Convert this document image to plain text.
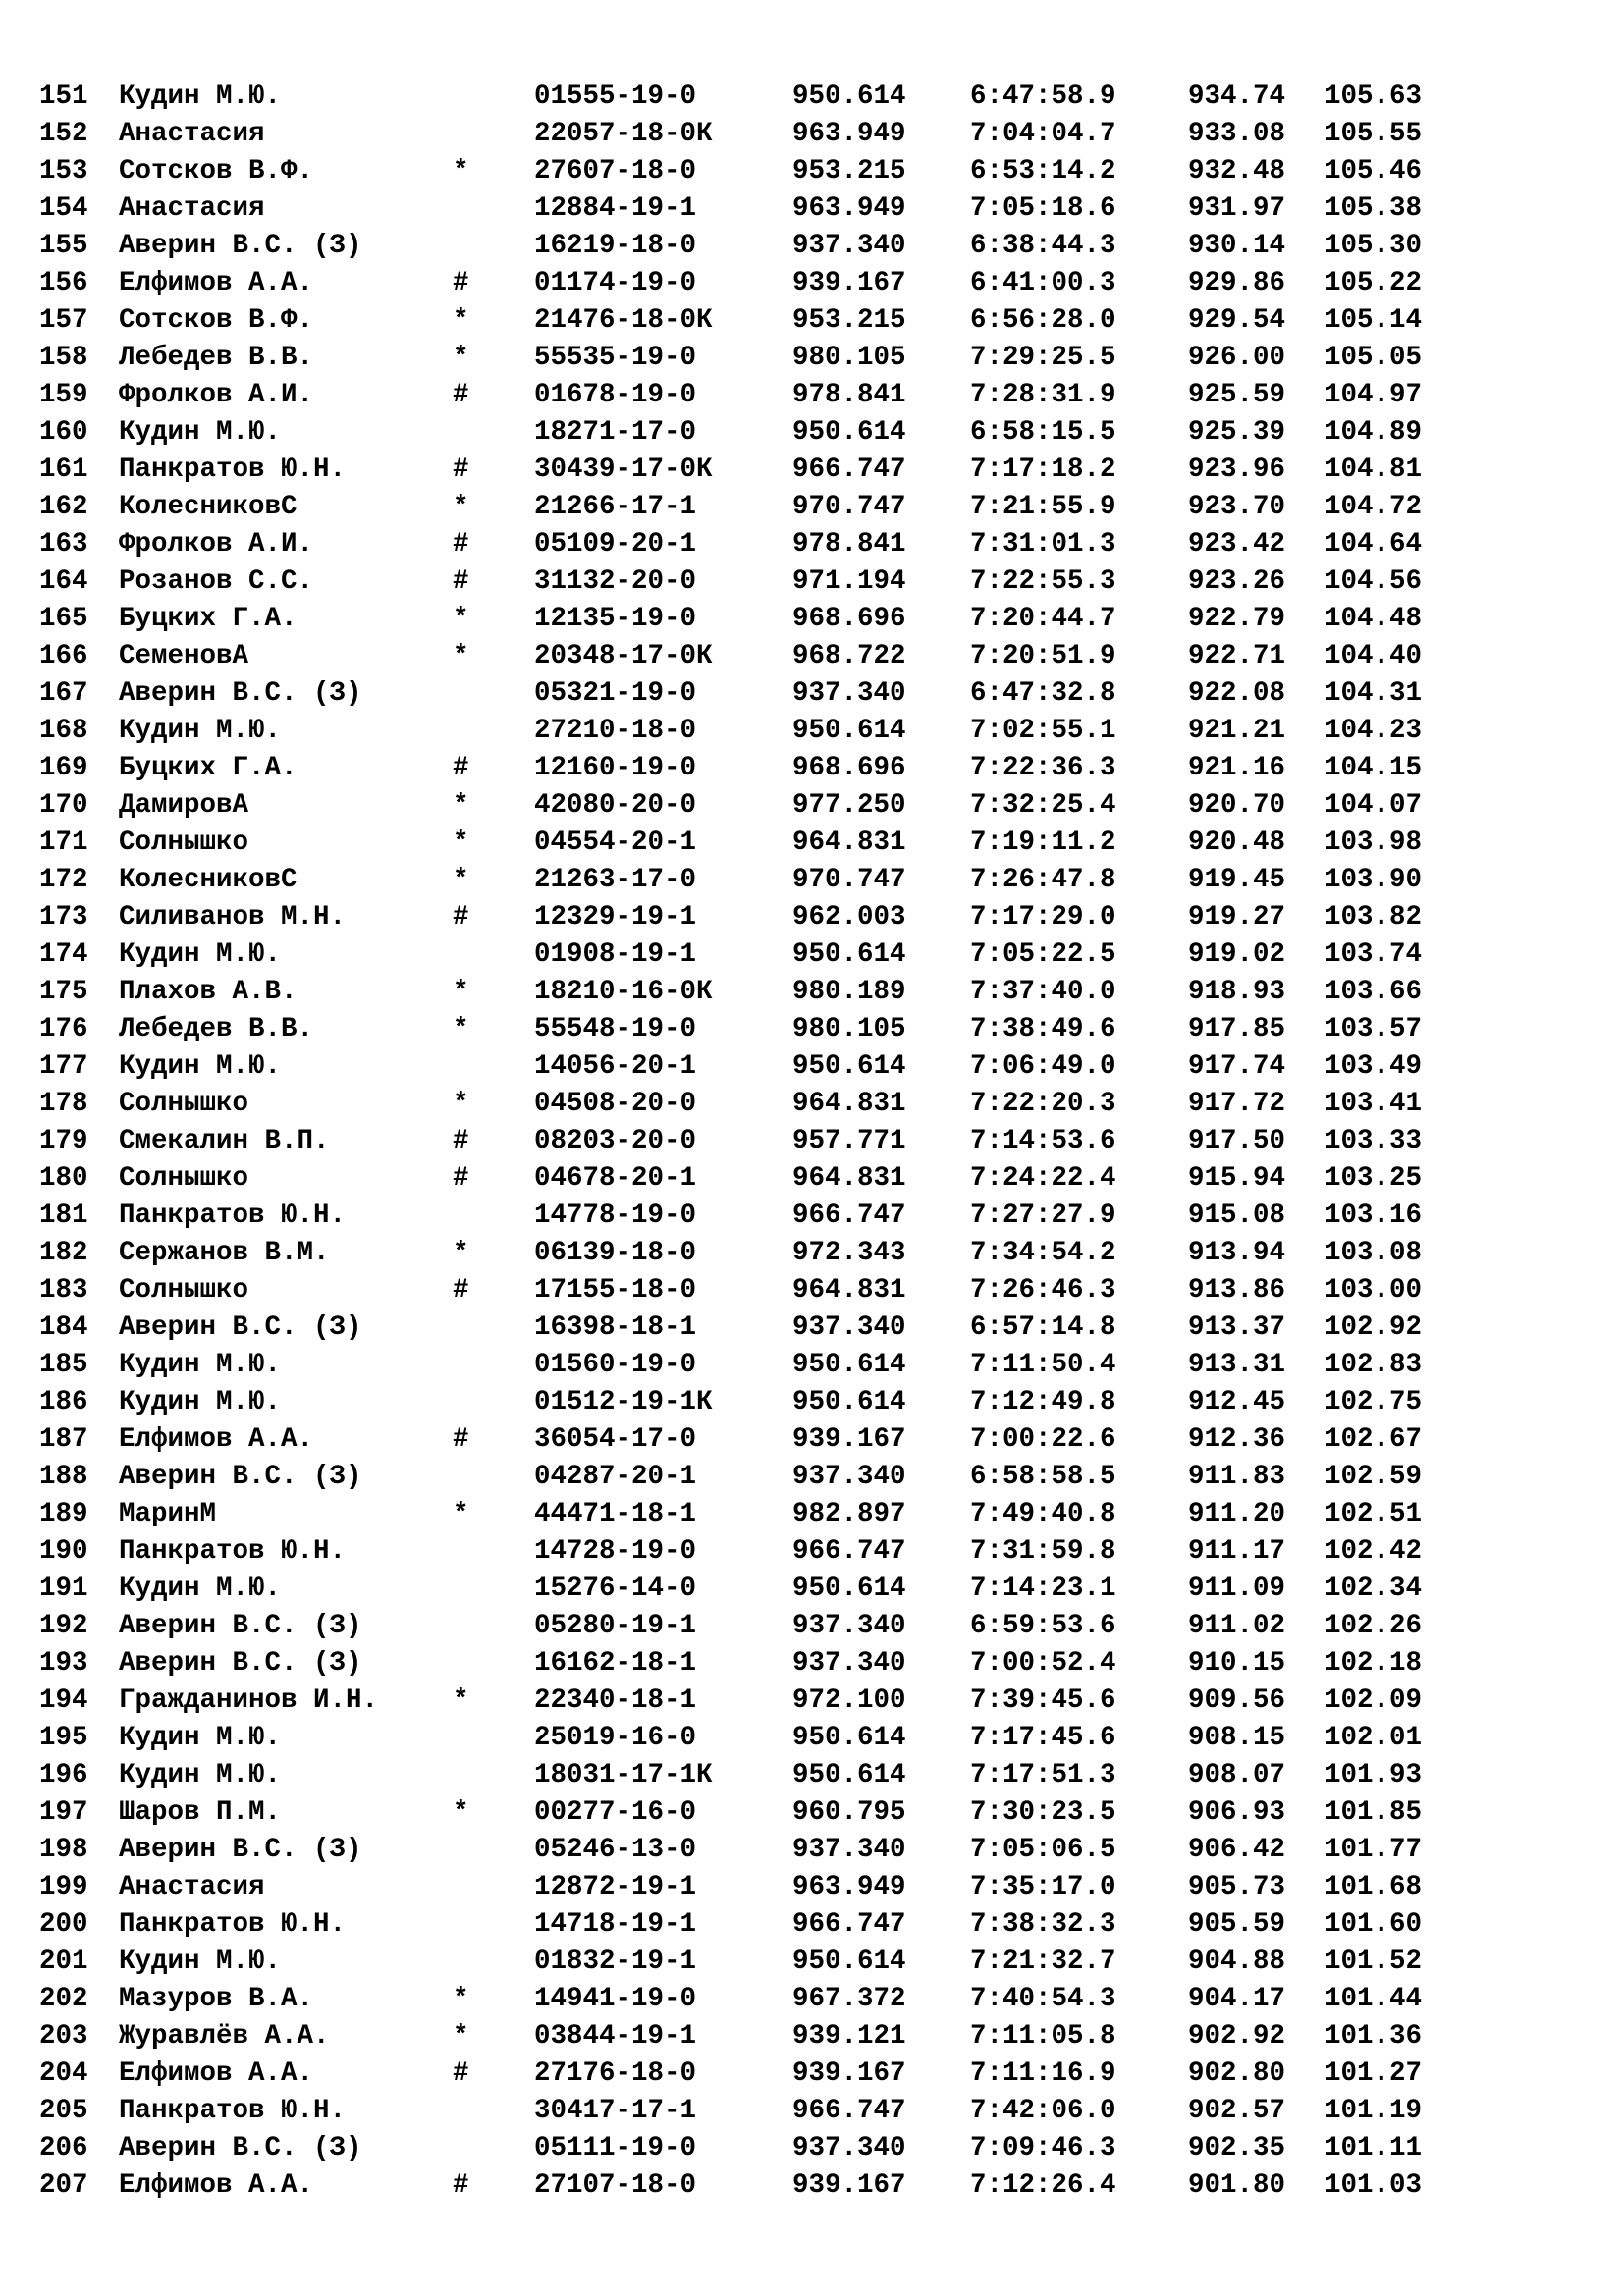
151 Кудин М.Ю.	01555-19-0	950.614 6:47:58.9	934.74 105.63
152 Анастасия	22057-18-0К	963.949 7:04:04.7	933.08 105.55
153 Сотсков В.Ф.	* 27607-18-0	953.215 6:53:14.2	932.48 105.46
154 Анастасия	12884-19-1	963.949 7:05:18.6	931.97 105.38
155 Аверин В.С. (З)	16219-18-0	937.340 6:38:44.3	930.14 105.30
156 Елфимов А.А.	# 01174-19-0	939.167 6:41:00.3	929.86 105.22
157 Сотсков В.Ф.	* 21476-18-0К	953.215 6:56:28.0	929.54 105.14
158 Лебедев В.В.	* 55535-19-0	980.105 7:29:25.5	926.00 105.05
159 Фролков А.И.	# 01678-19-0	978.841 7:28:31.9	925.59 104.97
160 Кудин М.Ю.	18271-17-0	950.614 6:58:15.5	925.39 104.89
161 Панкратов Ю.Н.	# 30439-17-0К	966.747 7:17:18.2	923.96 104.81
162 КолесниковС	* 21266-17-1	970.747 7:21:55.9	923.70 104.72
163 Фролков А.И.	# 05109-20-1	978.841 7:31:01.3	923.42 104.64
164 Розанов С.С.	# 31132-20-0	971.194 7:22:55.3	923.26 104.56
165 Буцких Г.А.	* 12135-19-0	968.696 7:20:44.7	922.79 104.48
166 СеменовА	* 20348-17-0К	968.722 7:20:51.9	922.71 104.40
167 Аверин В.С. (З)	05321-19-0	937.340 6:47:32.8	922.08 104.31
168 Кудин М.Ю.	27210-18-0	950.614 7:02:55.1	921.21 104.23
169 Буцких Г.А.	# 12160-19-0	968.696 7:22:36.3	921.16 104.15
170 ДамировА	* 42080-20-0	977.250 7:32:25.4	920.70 104.07
171 Солнышко	* 04554-20-1	964.831 7:19:11.2	920.48 103.98
172 КолесниковС	* 21263-17-0	970.747 7:26:47.8	919.45 103.90
173 Силиванов М.Н.	# 12329-19-1	962.003 7:17:29.0	919.27 103.82
174 Кудин М.Ю.	01908-19-1	950.614 7:05:22.5	919.02 103.74
175 Плахов А.В.	* 18210-16-0К	980.189 7:37:40.0	918.93 103.66
176 Лебедев В.В.	* 55548-19-0	980.105 7:38:49.6	917.85 103.57
177 Кудин М.Ю.	14056-20-1	950.614 7:06:49.0	917.74 103.49
178 Солнышко	* 04508-20-0	964.831 7:22:20.3	917.72 103.41
179 Смекалин В.П.	# 08203-20-0	957.771 7:14:53.6	917.50 103.33
180 Солнышко	# 04678-20-1	964.831 7:24:22.4	915.94 103.25
181 Панкратов Ю.Н.	14778-19-0	966.747 7:27:27.9	915.08 103.16
182 Сержанов В.М.	* 06139-18-0	972.343 7:34:54.2	913.94 103.08
183 Солнышко	# 17155-18-0	964.831 7:26:46.3	913.86 103.00
184 Аверин В.С. (З)	16398-18-1	937.340 6:57:14.8	913.37 102.92
185 Кудин М.Ю.	01560-19-0	950.614 7:11:50.4	913.31 102.83
186 Кудин М.Ю.	01512-19-1К	950.614 7:12:49.8	912.45 102.75
187 Елфимов А.А.	# 36054-17-0	939.167 7:00:22.6	912.36 102.67
188 Аверин В.С. (З)	04287-20-1	937.340 6:58:58.5	911.83 102.59
189 МаринМ	* 44471-18-1	982.897 7:49:40.8	911.20 102.51
190 Панкратов Ю.Н.	14728-19-0	966.747 7:31:59.8	911.17 102.42
191 Кудин М.Ю.	15276-14-0	950.614 7:14:23.1	911.09 102.34
192 Аверин В.С. (З)	05280-19-1	937.340 6:59:53.6	911.02 102.26
193 Аверин В.С. (З)	16162-18-1	937.340 7:00:52.4	910.15 102.18
194 Гражданинов И.Н.	* 22340-18-1	972.100 7:39:45.6	909.56 102.09
195 Кудин М.Ю.	25019-16-0	950.614 7:17:45.6	908.15 102.01
196 Кудин М.Ю.	18031-17-1К	950.614 7:17:51.3	908.07 101.93
197 Шаров П.М.	* 00277-16-0	960.795 7:30:23.5	906.93 101.85
198 Аверин В.С. (З)	05246-13-0	937.340 7:05:06.5	906.42 101.77
199 Анастасия	12872-19-1	963.949 7:35:17.0	905.73 101.68
200 Панкратов Ю.Н.	14718-19-1	966.747 7:38:32.3	905.59 101.60
201 Кудин М.Ю.	01832-19-1	950.614 7:21:32.7	904.88 101.52
202 Мазуров В.А.	* 14941-19-0	967.372 7:40:54.3	904.17 101.44
203 Журавлёв А.А.	* 03844-19-1	939.121 7:11:05.8	902.92 101.36
204 Елфимов А.А.	# 27176-18-0	939.167 7:11:16.9	902.80 101.27
205 Панкратов Ю.Н.	30417-17-1	966.747 7:42:06.0	902.57 101.19
206 Аверин В.С. (З)	05111-19-0	937.340 7:09:46.3	902.35 101.11
207 Елфимов А.А.	# 27107-18-0	939.167 7:12:26.4	901.80 101.03
